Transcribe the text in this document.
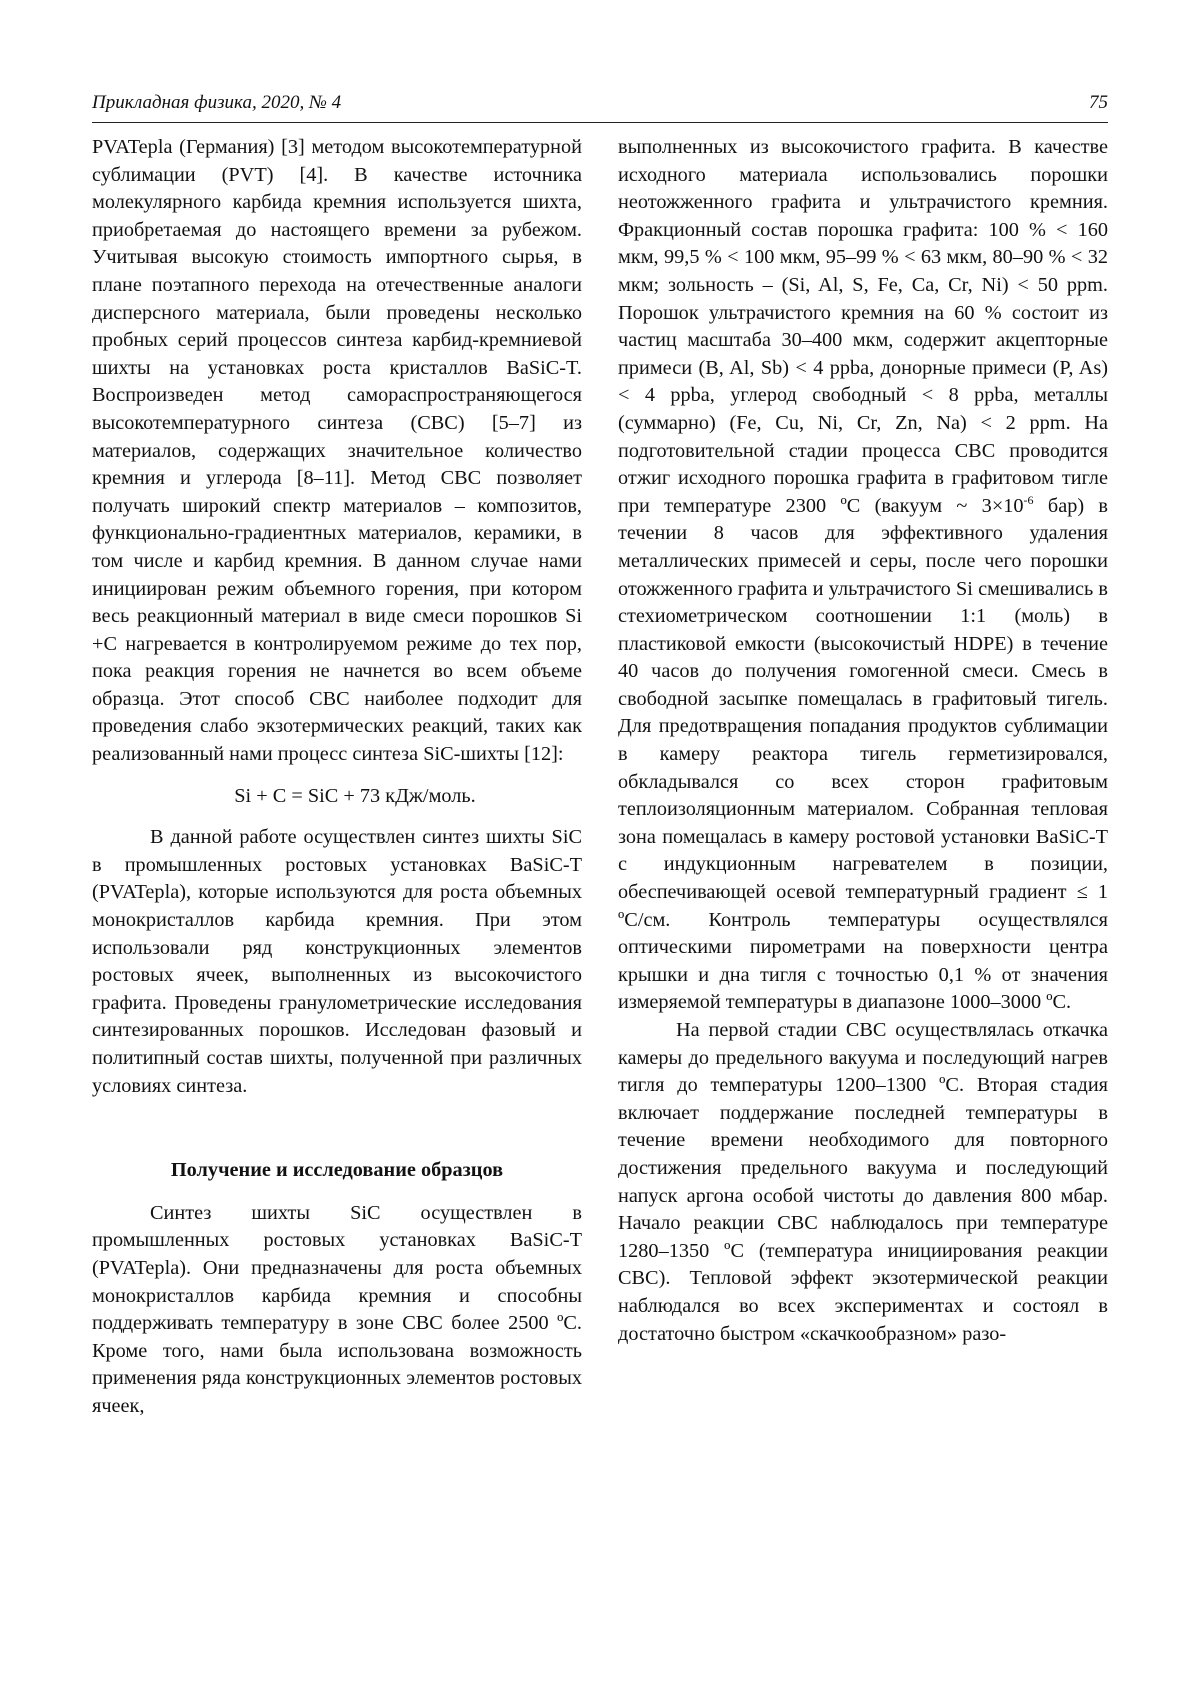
Прикладная физика, 2020, № 4	75

PVATepla (Германия) [3] методом высокотемпературной сублимации (PVT) [4]. В качестве источника молекулярного карбида кремния используется шихта, приобретаемая до настоящего времени за рубежом. Учитывая высокую стоимость импортного сырья, в плане поэтапного перехода на отечественные аналоги дисперсного материала, были проведены несколько пробных серий процессов синтеза карбид-кремниевой шихты на установках роста кристаллов BaSiC-T. Воспроизведен метод самораспространяющегося высокотемпературного синтеза (СВС) [5–7] из материалов, содержащих значительное количество кремния и углерода [8–11]. Метод СВС позволяет получать широкий спектр материалов – композитов, функционально-градиентных материалов, керамики, в том числе и карбид кремния. В данном случае нами инициирован режим объемного горения, при котором весь реакционный материал в виде смеси порошков Si +C нагревается в контролируемом режиме до тех пор, пока реакция горения не начнется во всем объеме образца. Этот способ СВС наиболее подходит для проведения слабо экзотермических реакций, таких как реализованный нами процесс синтеза SiC-шихты [12]:

Si + C = SiC + 73 кДж/моль.

В данной работе осуществлен синтез шихты SiC в промышленных ростовых установках BaSiC-T (PVATepla), которые используются для роста объемных монокристаллов карбида кремния. При этом использовали ряд конструкционных элементов ростовых ячеек, выполненных из высокочистого графита. Проведены гранулометрические исследования синтезированных порошков. Исследован фазовый и политипный состав шихты, полученной при различных условиях синтеза.

Получение и исследование образцов

Синтез шихты SiC осуществлен в промышленных ростовых установках BaSiC-T (PVATepla). Они предназначены для роста объемных монокристаллов карбида кремния и способны поддерживать температуру в зоне СВС более 2500 ºС. Кроме того, нами была использована возможность применения ряда конструкционных элементов ростовых ячеек,

выполненных из высокочистого графита. В качестве исходного материала использовались порошки неотожженного графита и ультрачистого кремния. Фракционный состав порошка графита: 100 % < 160 мкм, 99,5 % < 100 мкм, 95–99 % < 63 мкм, 80–90 % < 32 мкм; зольность – (Si, Al, S, Fe, Ca, Cr, Ni) < 50 ppm. Порошок ультрачистого кремния на 60 % состоит из частиц масштаба 30–400 мкм, содержит акцепторные примеси (B, Al, Sb) < 4 ppba, донорные примеси (P, As) < 4 ppba, углерод свободный < 8 ppba, металлы (суммарно) (Fe, Cu, Ni, Cr, Zn, Na) < 2 ppm. На подготовительной стадии процесса СВС проводится отжиг исходного порошка графита в графитовом тигле при температуре 2300 ºС (вакуум ~ $3\times 10^{-6}$ бар) в течении 8 часов для эффективного удаления металлических примесей и серы, после чего порошки отожженного графита и ультрачистого Si смешивались в стехиометрическом соотношении 1:1 (моль) в пластиковой емкости (высокочистый HDPE) в течение 40 часов до получения гомогенной смеси. Смесь в свободной засыпке помещалась в графитовый тигель. Для предотвращения попадания продуктов сублимации в камеру реактора тигель герметизировался, обкладывался со всех сторон графитовым теплоизоляционным материалом. Собранная тепловая зона помещалась в камеру ростовой установки BaSiC-T с индукционным нагревателем в позиции, обеспечивающей осевой температурный градиент ≤ 1 ºС/см. Контроль температуры осуществлялся оптическими пирометрами на поверхности центра крышки и дна тигля с точностью 0,1 % от значения измеряемой температуры в диапазоне 1000–3000 ºС.

На первой стадии СВС осуществлялась откачка камеры до предельного вакуума и последующий нагрев тигля до температуры 1200–1300 ºС. Вторая стадия включает поддержание последней температуры в течение времени необходимого для повторного достижения предельного вакуума и последующий напуск аргона особой чистоты до давления 800 мбар. Начало реакции СВС наблюдалось при температуре 1280–1350 ºС (температура инициирования реакции СВС). Тепловой эффект экзотермической реакции наблюдался во всех экспериментах и состоял в достаточно быстром «скачкообразном» разо-
